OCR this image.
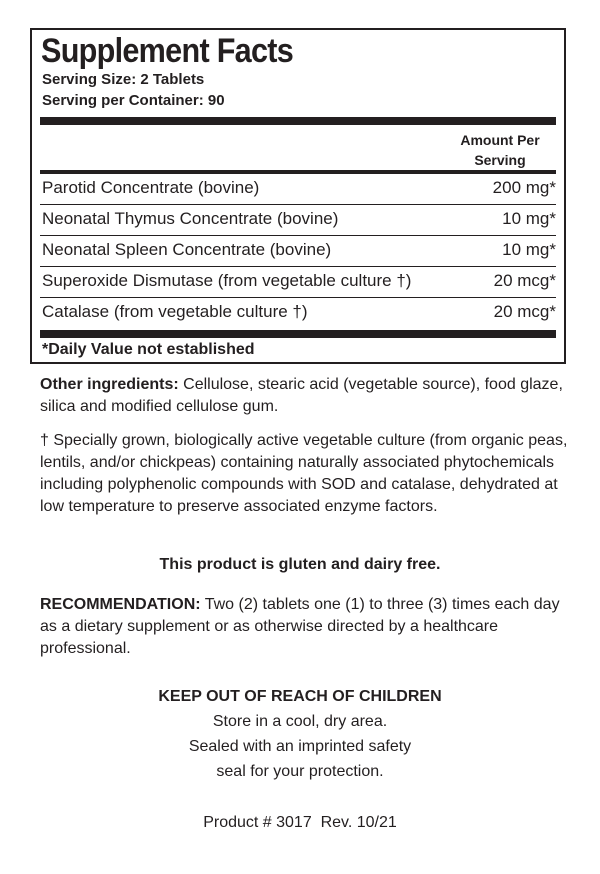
Supplement Facts
Serving Size: 2 Tablets
Serving per Container: 90
Amount Per
Serving
Parotid Concentrate (bovine)	200 mg*
Neonatal Thymus Concentrate (bovine)	10 mg*
Neonatal Spleen Concentrate (bovine)	10 mg*
Superoxide Dismutase (from vegetable culture †)	20 mcg*
Catalase (from vegetable culture †)	20 mcg*
*Daily Value not established

Other ingredients: Cellulose, stearic acid (vegetable source), food glaze, silica and modified cellulose gum.

† Specially grown, biologically active vegetable culture (from organic peas, lentils, and/or chickpeas) containing naturally associated phytochemicals including polyphenolic compounds with SOD and catalase, dehydrated at low temperature to preserve associated enzyme factors.

This product is gluten and dairy free.

RECOMMENDATION: Two (2) tablets one (1) to three (3) times each day as a dietary supplement or as otherwise directed by a healthcare professional.

KEEP OUT OF REACH OF CHILDREN
Store in a cool, dry area.
Sealed with an imprinted safety
seal for your protection.
Product # 3017  Rev. 10/21
